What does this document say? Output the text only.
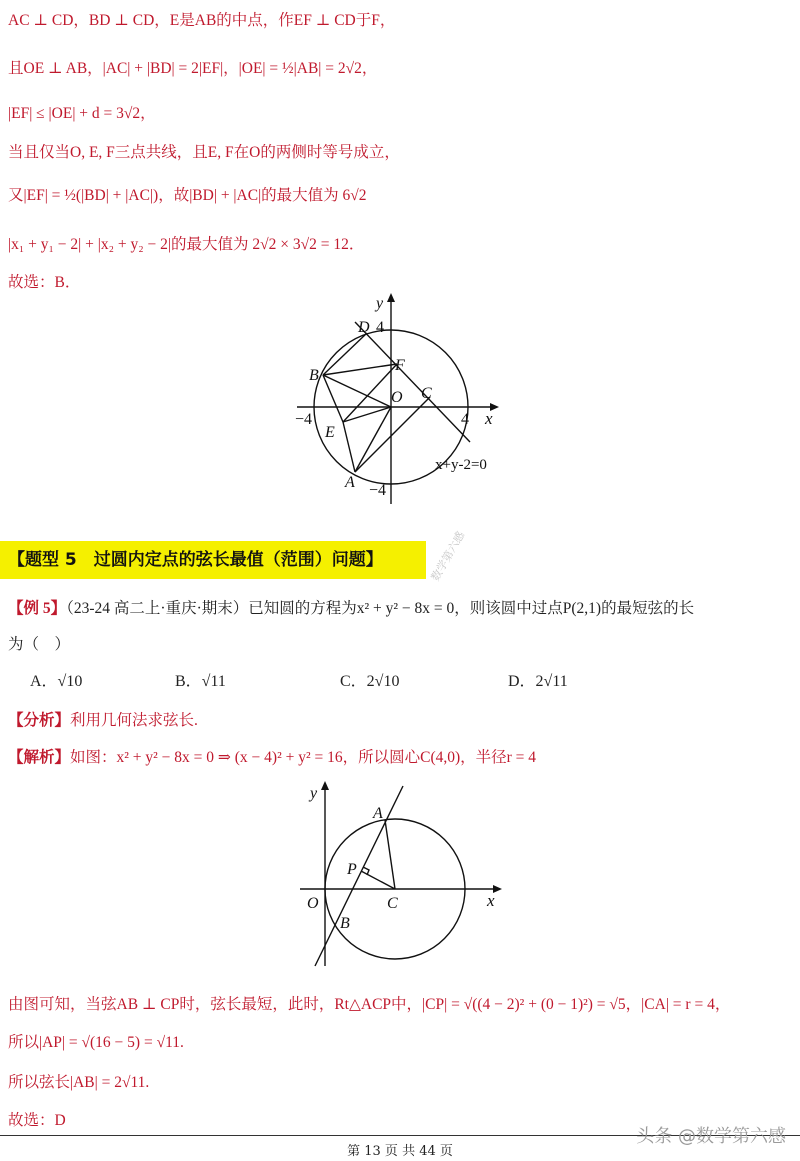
AC ⊥ CD，BD ⊥ CD，E是AB的中点，作EF ⊥ CD于F，
且OE ⊥ AB，|AC| + |BD| = 2|EF|，|OE| = ½|AB| = 2√2，
|EF| ≤ |OE| + d = 3√2，
当且仅当O, E, F三点共线，且E, F在O的两侧时等号成立，
又|EF| = ½(|BD| + |AC|)，故|BD| + |AC|的最大值为 6√2
|x₁ + y₁ − 2| + |x₂ + y₂ − 2|的最大值为 2√2 × 3√2 = 12．
故选：B．
y
D 4
F
B
O C
−4	4 x
E
A −4
x+y-2=0
【题型 5　过圆内定点的弦长最值（范围）问题】	数学第六感
【例 5】（23-24 高二上·重庆·期末）已知圆的方程为x² + y² − 8x = 0，则该圆中过点P(2,1)的最短弦的长
为（　）
A．√10	B．√11	C．2√10	D．2√11
【分析】利用几何法求弦长.
【解析】如图：x² + y² − 8x = 0 ⇒ (x − 4)² + y² = 16，所以圆心C(4,0)，半径r = 4
y
A
P
O	C	x
B
由图可知，当弦AB ⊥ CP时，弦长最短，此时，Rt△ACP中，|CP| = √((4 − 2)² + (0 − 1)²) = √5，|CA| = r = 4，
所以|AP| = √(16 − 5) = √11.
所以弦长|AB| = 2√11.
故选：D
第 13 页 共 44 页
头条 @数学第六感
